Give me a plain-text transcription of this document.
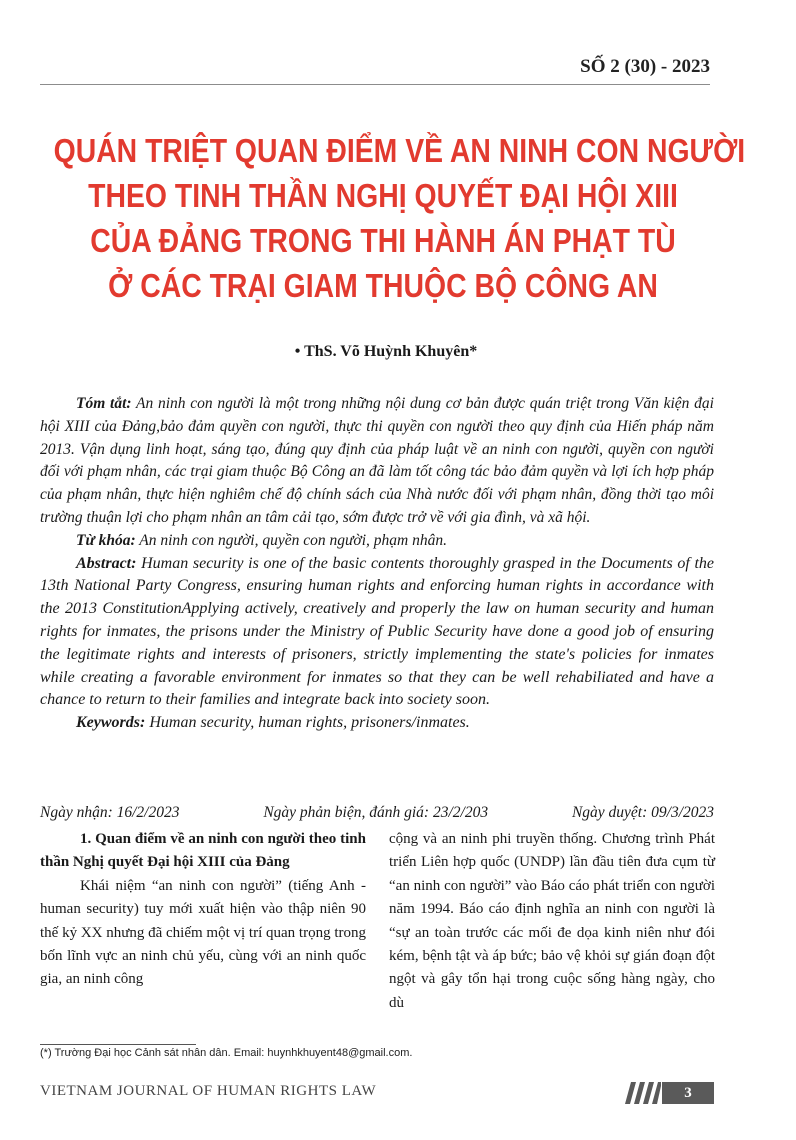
SỐ 2 (30) - 2023
QUÁN TRIỆT QUAN ĐIỂM VỀ AN NINH CON NGƯỜI
THEO TINH THẦN NGHỊ QUYẾT ĐẠI HỘI XIII
CỦA ĐẢNG TRONG THI HÀNH ÁN PHẠT TÙ
Ở CÁC TRẠI GIAM THUỘC BỘ CÔNG AN
• ThS. Võ Huỳnh Khuyên*

Tóm tắt: An ninh con người là một trong những nội dung cơ bản được quán triệt trong Văn kiện đại hội XIII của Đảng,bảo đảm quyền con người, thực thi quyền con người theo quy định của Hiến pháp năm 2013. Vận dụng linh hoạt, sáng tạo, đúng quy định của pháp luật về an ninh con người, quyền con người đối với phạm nhân, các trại giam thuộc Bộ Công an đã làm tốt công tác bảo đảm quyền và lợi ích hợp pháp của phạm nhân, thực hiện nghiêm chế độ chính sách của Nhà nước đối với phạm nhân, đồng thời tạo môi trường thuận lợi cho phạm nhân an tâm cải tạo, sớm được trở về với gia đình, và xã hội.

Từ khóa: An ninh con người, quyền con người, phạm nhân.

Abstract: Human security is one of the basic contents thoroughly grasped in the Documents of the 13th National Party Congress, ensuring human rights and enforcing human rights in accordance with the 2013 ConstitutionApplying actively, creatively and properly the law on human security and human rights for inmates, the prisons under the Ministry of Public Security have done a good job of ensuring the legitimate rights and interests of prisoners, strictly implementing the state's policies for inmates while creating a favorable environment for inmates so that they can be well rehabiliated and have a chance to return to their families and integrate back into society soon.

Keywords: Human security, human rights, prisoners/inmates.

Ngày nhận: 16/2/2023	Ngày phản biện, đánh giá: 23/2/203	Ngày duyệt: 09/3/2023

1. Quan điểm về an ninh con người theo tinh thần Nghị quyết Đại hội XIII của Đảng

Khái niệm “an ninh con người” (tiếng Anh - human security) tuy mới xuất hiện vào thập niên 90 thế kỷ XX nhưng đã chiếm một vị trí quan trọng trong bốn lĩnh vực an ninh chủ yếu, cùng với an ninh quốc gia, an ninh công

cộng và an ninh phi truyền thống. Chương trình Phát triển Liên hợp quốc (UNDP) lần đầu tiên đưa cụm từ “an ninh con người” vào Báo cáo phát triển con người năm 1994. Báo cáo định nghĩa an ninh con người là “sự an toàn trước các mối đe dọa kinh niên như đói kém, bệnh tật và áp bức; bảo vệ khỏi sự gián đoạn đột ngột và gây tổn hại trong cuộc sống hàng ngày, cho dù

(*) Trường Đại học Cảnh sát nhân dân. Email: huynhkhuyent48@gmail.com.
VIETNAM JOURNAL OF HUMAN RIGHTS LAW	3
